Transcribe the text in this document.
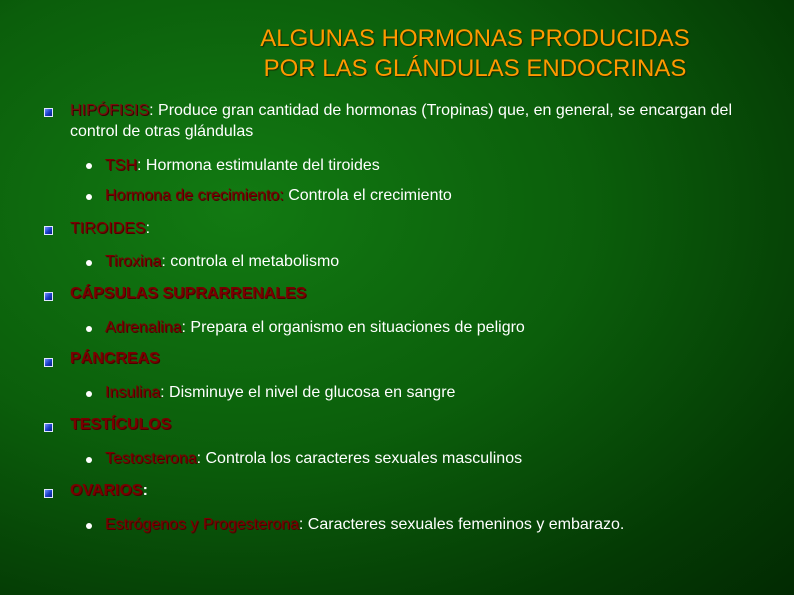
ALGUNAS HORMONAS PRODUCIDAS
POR LAS GLÁNDULAS ENDOCRINAS
HIPÓFISIS: Produce gran cantidad de hormonas (Tropinas) que, en general, se encargan del control de otras glándulas
TSH: Hormona estimulante del tiroides
Hormona de crecimiento: Controla el crecimiento
TIROIDES:
Tiroxina: controla el metabolismo
CÁPSULAS SUPRARRENALES
Adrenalina: Prepara el organismo en situaciones de peligro
PÁNCREAS
Insulina: Disminuye el nivel de glucosa en sangre
TESTÍCULOS
Testosterona: Controla los caracteres sexuales masculinos
OVARIOS:
Estrógenos y Progesterona: Caracteres sexuales femeninos y embarazo.
